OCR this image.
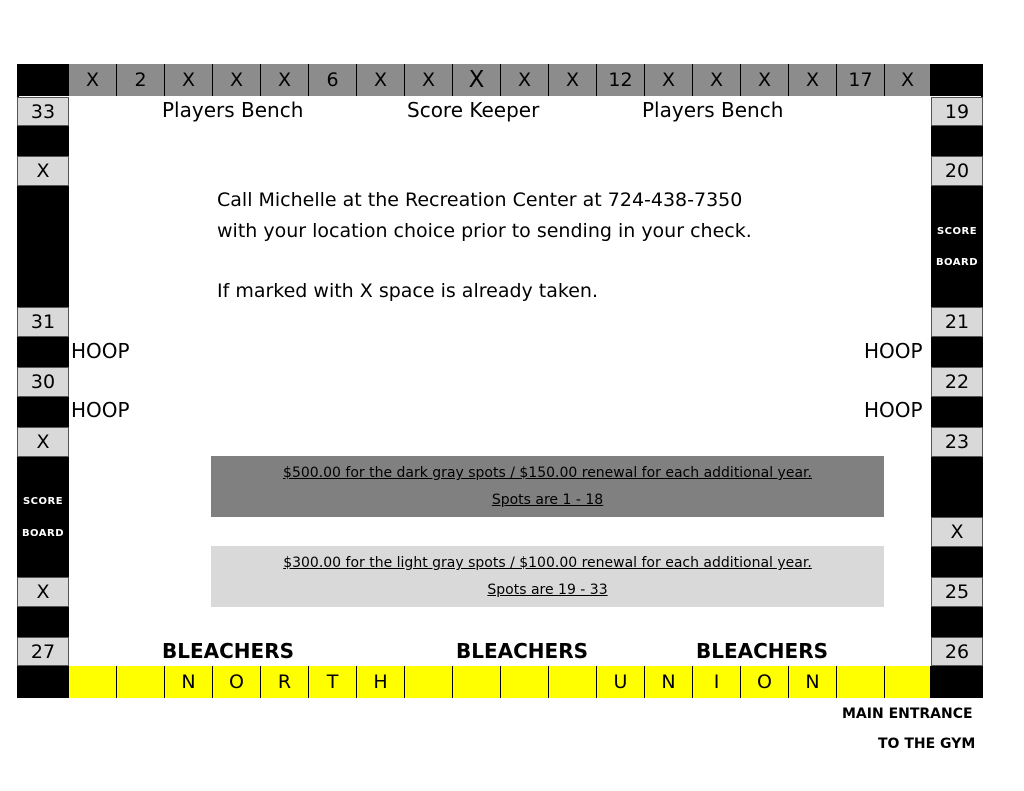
X	2	X	X	X	6	X	X	X	X	X	12	X	X	X	X	17	X
N	O	R	T	H	U	N	I	O	N
33
X
31
30
X
SCORE
BOARD
X
27
19
20
SCORE
BOARD
21
22
23
X
25
26
Players Bench	Score Keeper	Players Bench
HOOP
HOOP
HOOP
HOOP
BLEACHERS	BLEACHERS	BLEACHERS

Call Michelle at the Recreation Center at 724-438-7350

with your location choice prior to sending in your check.

If marked with X space is already taken.

$500.00 for the dark gray spots / $150.00 renewal for each additional year.
Spots are 1 - 18
$300.00 for the light gray spots / $100.00 renewal for each additional year.
Spots are 19 - 33
MAIN ENTRANCE
TO THE GYM
